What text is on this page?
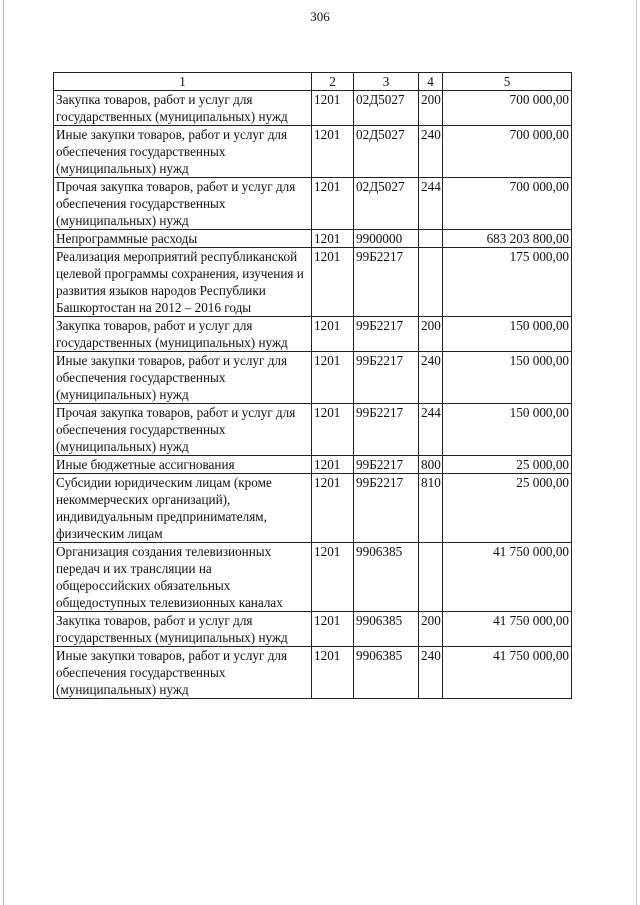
306
1	2	3	4	5
Закупка товаров, работ и услуг для государственных (муниципальных) нужд	1201	02Д5027	200	700 000,00
Иные закупки товаров, работ и услуг для обеспечения государственных (муниципальных) нужд	1201	02Д5027	240	700 000,00
Прочая закупка товаров, работ и услуг для обеспечения государственных (муниципальных) нужд	1201	02Д5027	244	700 000,00
Непрограммные расходы	1201	9900000		683 203 800,00
Реализация мероприятий республиканской целевой программы сохранения, изучения и развития языков народов Республики Башкортостан на 2012 – 2016 годы	1201	99Б2217		175 000,00
Закупка товаров, работ и услуг для государственных (муниципальных) нужд	1201	99Б2217	200	150 000,00
Иные закупки товаров, работ и услуг для обеспечения государственных (муниципальных) нужд	1201	99Б2217	240	150 000,00
Прочая закупка товаров, работ и услуг для обеспечения государственных (муниципальных) нужд	1201	99Б2217	244	150 000,00
Иные бюджетные ассигнования	1201	99Б2217	800	25 000,00
Субсидии юридическим лицам (кроме некоммерческих организаций), индивидуальным предпринимателям, физическим лицам	1201	99Б2217	810	25 000,00
Организация создания телевизионных передач и их трансляции на общероссийских обязательных общедоступных телевизионных каналах	1201	9906385		41 750 000,00
Закупка товаров, работ и услуг для государственных (муниципальных) нужд	1201	9906385	200	41 750 000,00
Иные закупки товаров, работ и услуг для обеспечения государственных (муниципальных) нужд	1201	9906385	240	41 750 000,00
